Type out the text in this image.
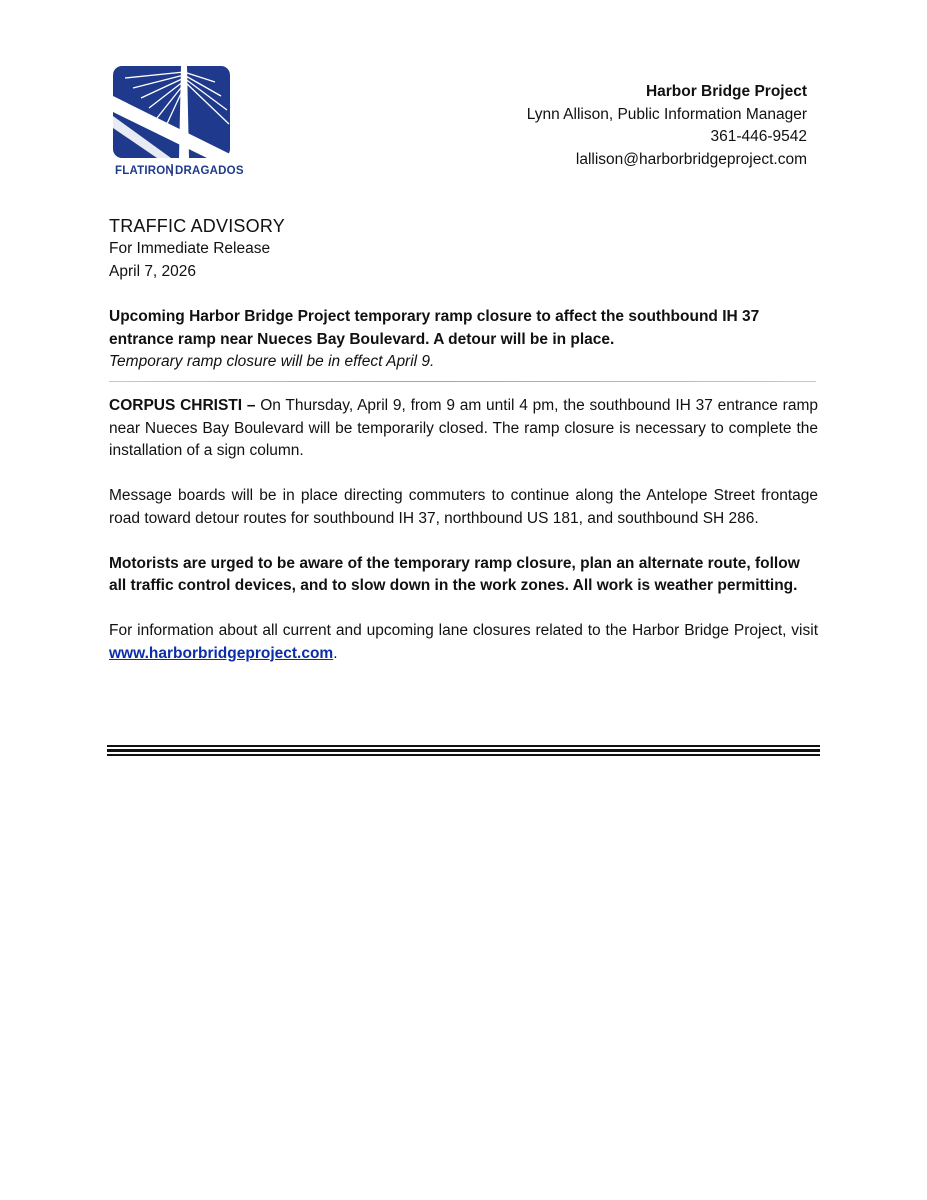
FLATIRON DRAGADOS
Harbor Bridge Project
Lynn Allison, Public Information Manager
361-446-9542
lallison@harborbridgeproject.com
TRAFFIC ADVISORY
For Immediate Release
April 7, 2026
Upcoming Harbor Bridge Project temporary ramp closure to affect the southbound IH 37 entrance ramp near Nueces Bay Boulevard. A detour will be in place.
Temporary ramp closure will be in effect April 9.

CORPUS CHRISTI – On Thursday, April 9, from 9 am until 4 pm, the southbound IH 37 entrance ramp near Nueces Bay Boulevard will be temporarily closed. The ramp closure is necessary to complete the installation of a sign column.

Message boards will be in place directing commuters to continue along the Antelope Street frontage road toward detour routes for southbound IH 37, northbound US 181, and southbound SH 286.

Motorists are urged to be aware of the temporary ramp closure, plan an alternate route, follow all traffic control devices, and to slow down in the work zones. All work is weather permitting.

For information about all current and upcoming lane closures related to the Harbor Bridge Project, visit www.harborbridgeproject.com.
